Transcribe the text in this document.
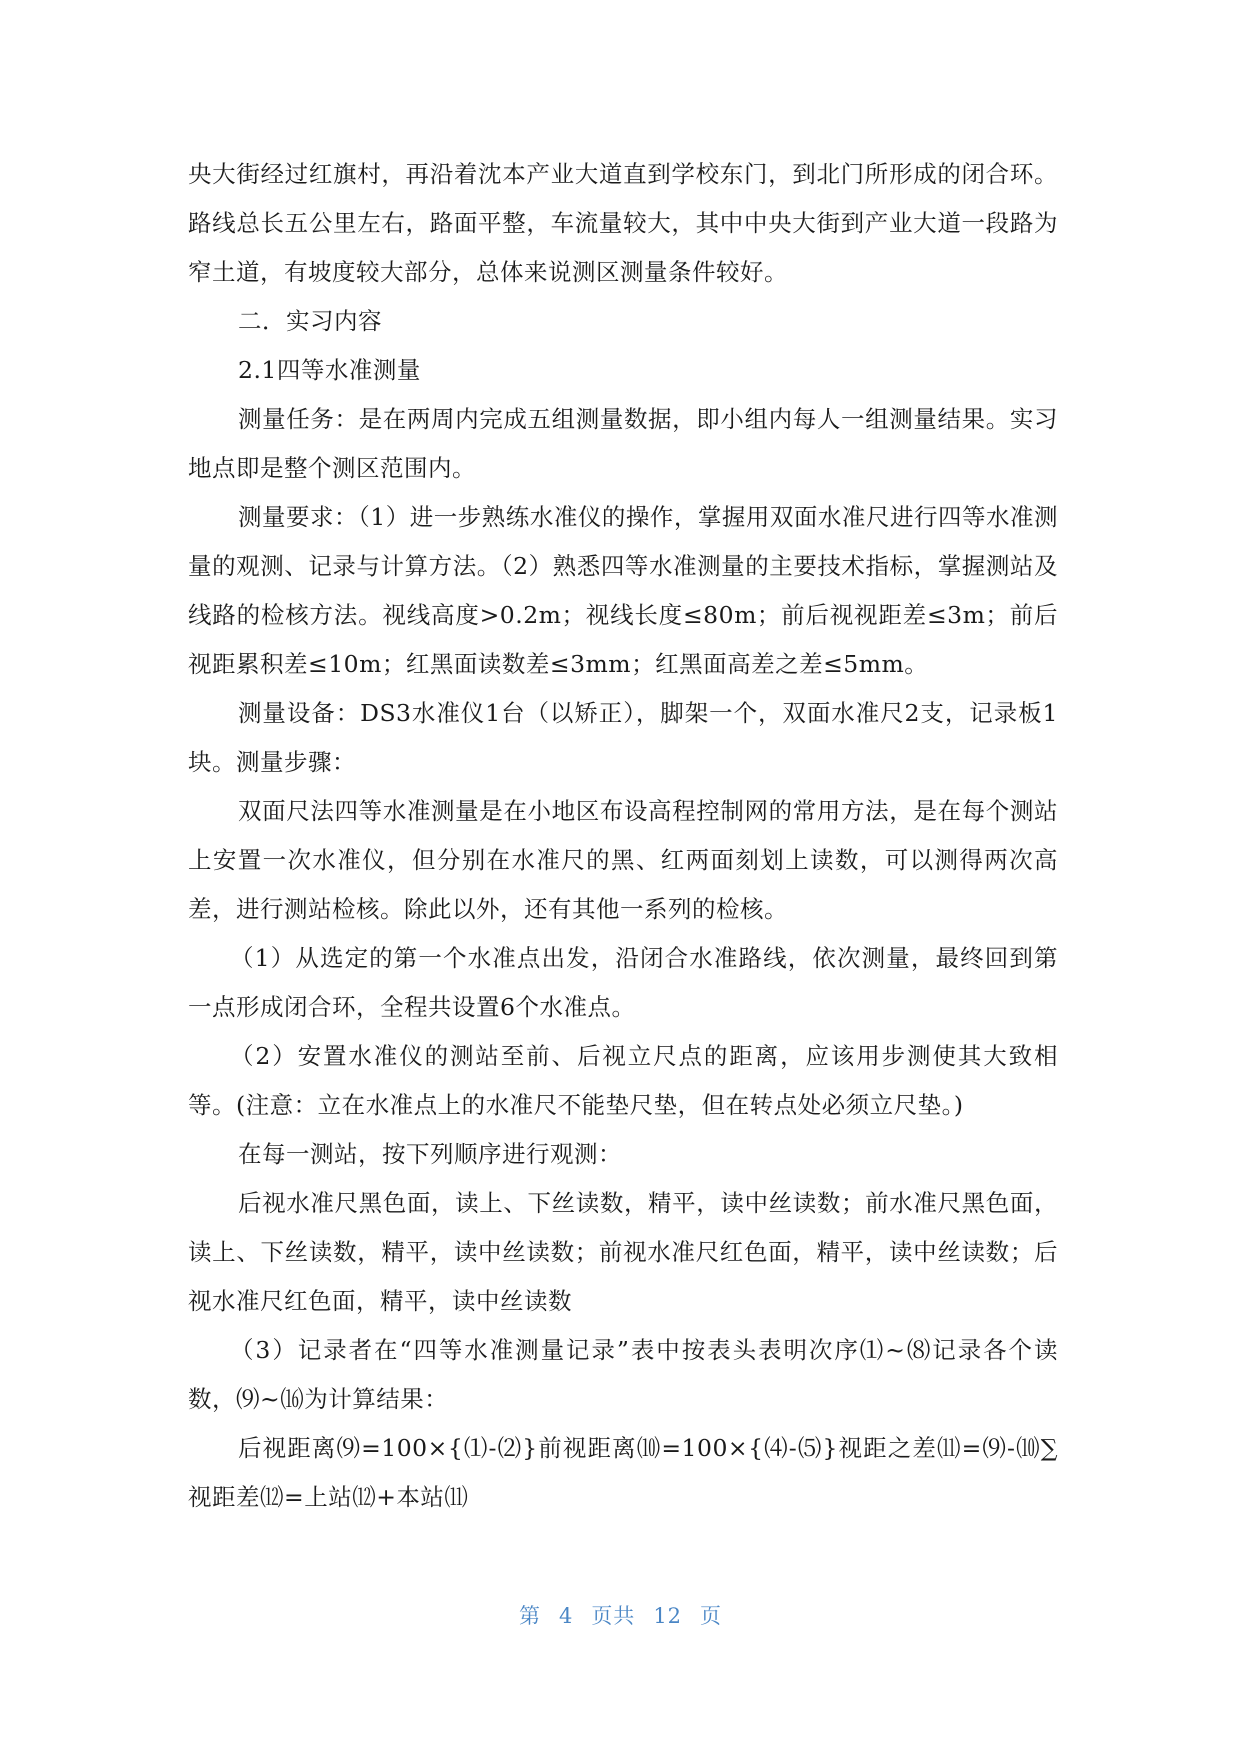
央大街经过红旗村，再沿着沈本产业大道直到学校东门，到北门所形成的闭合环。路线总长五公里左右，路面平整，车流量较大，其中中央大街到产业大道一段路为窄土道，有坡度较大部分，总体来说测区测量条件较好。

二．实习内容

2.1四等水准测量

测量任务：是在两周内完成五组测量数据，即小组内每人一组测量结果。实习地点即是整个测区范围内。

测量要求：（1）进一步熟练水准仪的操作，掌握用双面水准尺进行四等水准测量的观测、记录与计算方法。（2）熟悉四等水准测量的主要技术指标，掌握测站及线路的检核方法。视线高度>0.2m；视线长度≤80m；前后视视距差≤3m；前后视距累积差≤10m；红黑面读数差≤3mm；红黑面高差之差≤5mm。

测量设备：DS3水准仪1台（以矫正），脚架一个，双面水准尺2支，记录板1块。测量步骤：

双面尺法四等水准测量是在小地区布设高程控制网的常用方法，是在每个测站上安置一次水准仪，但分别在水准尺的黑、红两面刻划上读数，可以测得两次高差，进行测站检核。除此以外，还有其他一系列的检核。

（1）从选定的第一个水准点出发，沿闭合水准路线，依次测量，最终回到第一点形成闭合环，全程共设置6个水准点。

（2）安置水准仪的测站至前、后视立尺点的距离，应该用步测使其大致相等。(注意：立在水准点上的水准尺不能垫尺垫，但在转点处必须立尺垫。)

在每一测站，按下列顺序进行观测：

后视水准尺黑色面，读上、下丝读数，精平，读中丝读数；前水准尺黑色面，读上、下丝读数，精平，读中丝读数；前视水准尺红色面，精平，读中丝读数；后视水准尺红色面，精平，读中丝读数

（3）记录者在“四等水准测量记录”表中按表头表明次序⑴~⑻记录各个读数，⑼~⒃为计算结果：

后视距离⑼=100×{⑴-⑵}前视距离⑽=100×{⑷-⑸}视距之差⑾=⑼-⑽∑视距差⑿=上站⑿+本站⑾

第 4 页共 12 页
